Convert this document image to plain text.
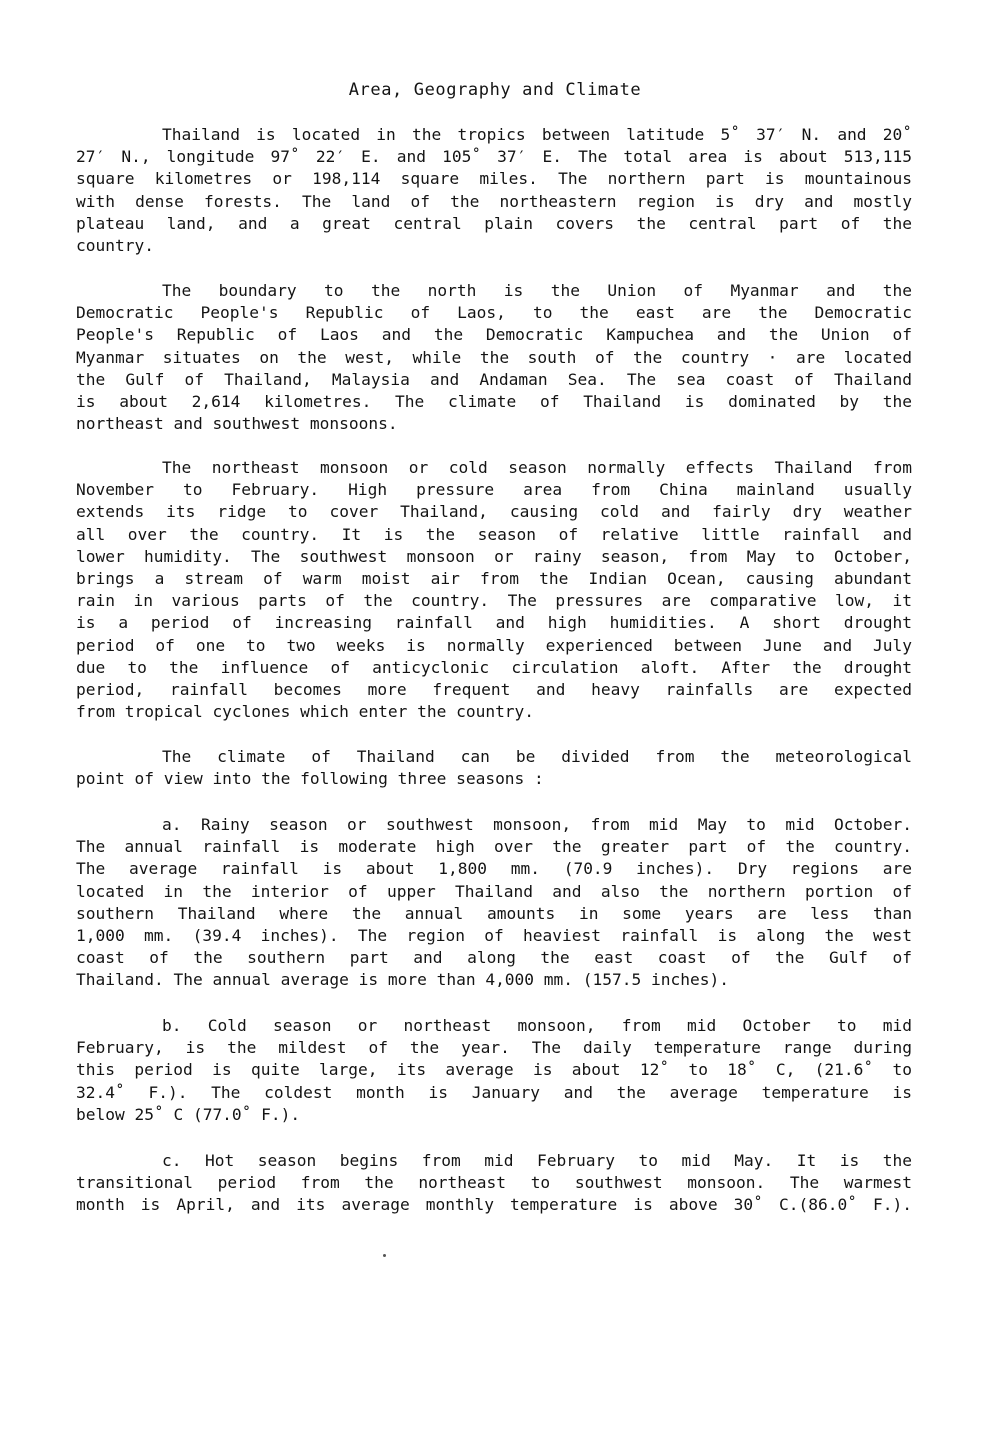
Area, Geography and Climate
Thailand is located in the tropics between latitude 5˚ 37′ N. and 20˚
27′ N., longitude 97˚ 22′ E. and 105˚ 37′ E. The total area is about 513,115
square kilometres or 198,114 square miles. The northern part is mountainous
with dense forests. The land of the northeastern region is dry and mostly
plateau land, and a great central plain covers the central part of the
country.
The boundary to the north is the Union of Myanmar and the
Democratic People's Republic of Laos, to the east are the Democratic
People's Republic of Laos and the Democratic Kampuchea and the Union of
Myanmar situates on the west, while the south of the country · are located
the Gulf of Thailand, Malaysia and Andaman Sea. The sea coast of Thailand
is about 2,614 kilometres. The climate of Thailand is dominated by the
northeast and southwest monsoons.
The northeast monsoon or cold season normally effects Thailand from
November to February. High pressure area from China mainland usually
extends its ridge to cover Thailand, causing cold and fairly dry weather
all over the country. It is the season of relative little rainfall and
lower humidity. The southwest monsoon or rainy season, from May to October,
brings a stream of warm moist air from the Indian Ocean, causing abundant
rain in various parts of the country. The pressures are comparative low, it
is a period of increasing rainfall and high humidities. A short drought
period of one to two weeks is normally experienced between June and July
due to the influence of anticyclonic circulation aloft. After the drought
period, rainfall becomes more frequent and heavy rainfalls are expected
from tropical cyclones which enter the country.
The climate of Thailand can be divided from the meteorological
point of view into the following three seasons :
a. Rainy season or southwest monsoon, from mid May to mid October.
The annual rainfall is moderate high over the greater part of the country.
The average rainfall is about 1,800 mm. (70.9 inches). Dry regions are
located in the interior of upper Thailand and also the northern portion of
southern Thailand where the annual amounts in some years are less than
1,000 mm. (39.4 inches). The region of heaviest rainfall is along the west
coast of the southern part and along the east coast of the Gulf of
Thailand. The annual average is more than 4,000 mm. (157.5 inches).
b. Cold season or northeast monsoon, from mid October to mid
February, is the mildest of the year. The daily temperature range during
this period is quite large, its average is about 12˚ to 18˚ C, (21.6˚ to
32.4˚ F.). The coldest month is January and the average temperature is
below 25˚ C (77.0˚ F.).
c. Hot season begins from mid February to mid May. It is the
transitional period from the northeast to southwest monsoon. The warmest
month is April, and its average monthly temperature is above 30˚ C.(86.0˚ F.).
